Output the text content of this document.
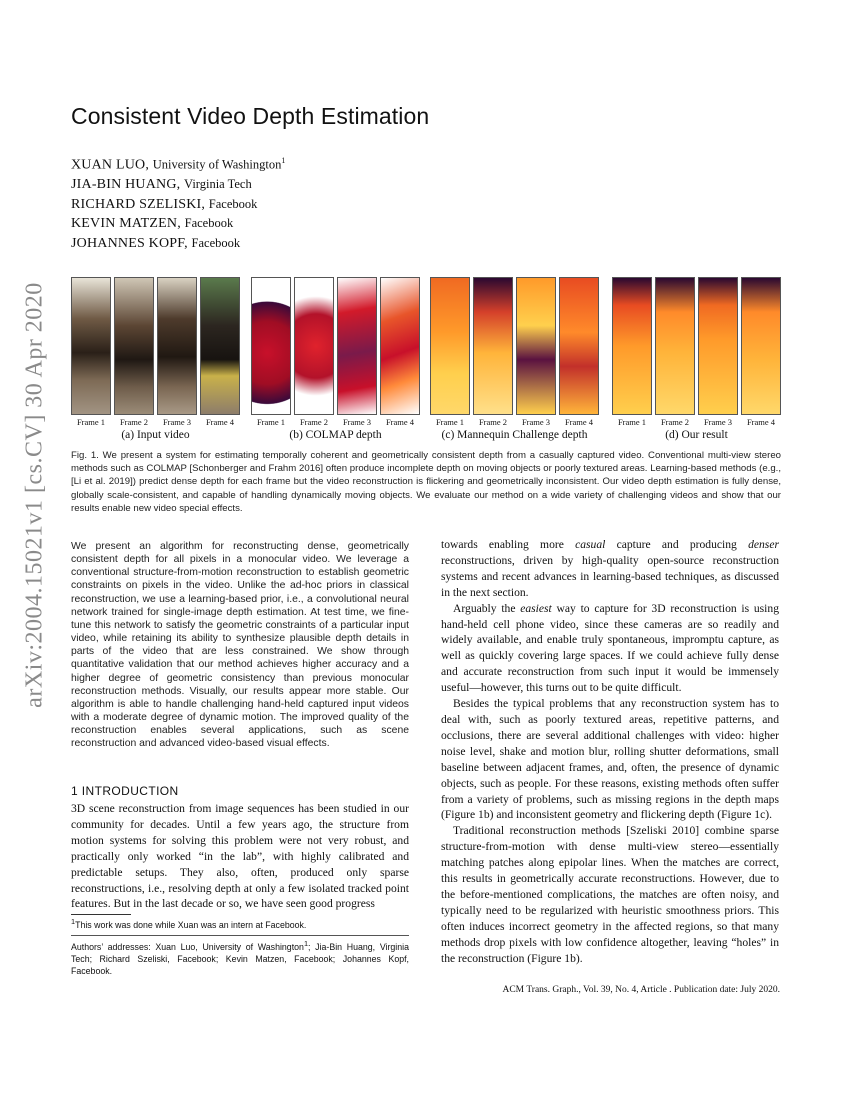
arXiv:2004.15021v1 [cs.CV] 30 Apr 2020
Consistent Video Depth Estimation
XUAN LUO, University of Washington$^1$
JIA-BIN HUANG, Virginia Tech
RICHARD SZELISKI, Facebook
KEVIN MATZEN, Facebook
JOHANNES KOPF, Facebook
Frame 1	Frame 2	Frame 3	Frame 4	Frame 1	Frame 2	Frame 3	Frame 4	Frame 1	Frame 2	Frame 3	Frame 4	Frame 1	Frame 2	Frame 3	Frame 4
(a) Input video	(b) COLMAP depth	(c) Mannequin Challenge depth	(d) Our result
Fig. 1. We present a system for estimating temporally coherent and geometrically consistent depth from a casually captured video. Conventional multi-view stereo methods such as COLMAP [Schonberger and Frahm 2016] often produce incomplete depth on moving objects or poorly textured areas. Learning-based methods (e.g., [Li et al. 2019]) predict dense depth for each frame but the video reconstruction is flickering and geometrically inconsistent. Our video depth estimation is fully dense, globally scale-consistent, and capable of handling dynamically moving objects. We evaluate our method on a wide variety of challenging videos and show that our results enable new video special effects.
We present an algorithm for reconstructing dense, geometrically consistent depth for all pixels in a monocular video. We leverage a conventional structure-from-motion reconstruction to establish geometric constraints on pixels in the video. Unlike the ad-hoc priors in classical reconstruction, we use a learning-based prior, i.e., a convolutional neural network trained for single-image depth estimation. At test time, we fine-tune this network to satisfy the geometric constraints of a particular input video, while retaining its ability to synthesize plausible depth details in parts of the video that are less constrained. We show through quantitative validation that our method achieves higher accuracy and a higher degree of geometric consistency than previous monocular reconstruction methods. Visually, our results appear more stable. Our algorithm is able to handle challenging hand-held captured input videos with a moderate degree of dynamic motion. The improved quality of the reconstruction enables several applications, such as scene reconstruction and advanced video-based visual effects.
1 INTRODUCTION

3D scene reconstruction from image sequences has been studied in our community for decades. Until a few years ago, the structure from motion systems for solving this problem were not very robust, and practically only worked “in the lab”, with highly calibrated and predictable setups. They also, often, produced only sparse reconstructions, i.e., resolving depth at only a few isolated tracked point features. But in the last decade or so, we have seen good progress

$^1$This work was done while Xuan was an intern at Facebook.
Authors’ addresses: Xuan Luo, University of Washington$^1$; Jia-Bin Huang, Virginia Tech; Richard Szeliski, Facebook; Kevin Matzen, Facebook; Johannes Kopf, Facebook.

towards enabling more casual capture and producing denser reconstructions, driven by high-quality open-source reconstruction systems and recent advances in learning-based techniques, as discussed in the next section.

Arguably the easiest way to capture for 3D reconstruction is using hand-held cell phone video, since these cameras are so readily and widely available, and enable truly spontaneous, impromptu capture, as well as quickly covering large spaces. If we could achieve fully dense and accurate reconstruction from such input it would be immensely useful—however, this turns out to be quite difficult.

Besides the typical problems that any reconstruction system has to deal with, such as poorly textured areas, repetitive patterns, and occlusions, there are several additional challenges with video: higher noise level, shake and motion blur, rolling shutter deformations, small baseline between adjacent frames, and, often, the presence of dynamic objects, such as people. For these reasons, existing methods often suffer from a variety of problems, such as missing regions in the depth maps (Figure 1b) and inconsistent geometry and flickering depth (Figure 1c).

Traditional reconstruction methods [Szeliski 2010] combine sparse structure-from-motion with dense multi-view stereo—essentially matching patches along epipolar lines. When the matches are correct, this results in geometrically accurate reconstructions. However, due to the before-mentioned complications, the matches are often noisy, and typically need to be regularized with heuristic smoothness priors. This often induces incorrect geometry in the affected regions, so that many methods drop pixels with low confidence altogether, leaving “holes” in the reconstruction (Figure 1b).

ACM Trans. Graph., Vol. 39, No. 4, Article . Publication date: July 2020.
